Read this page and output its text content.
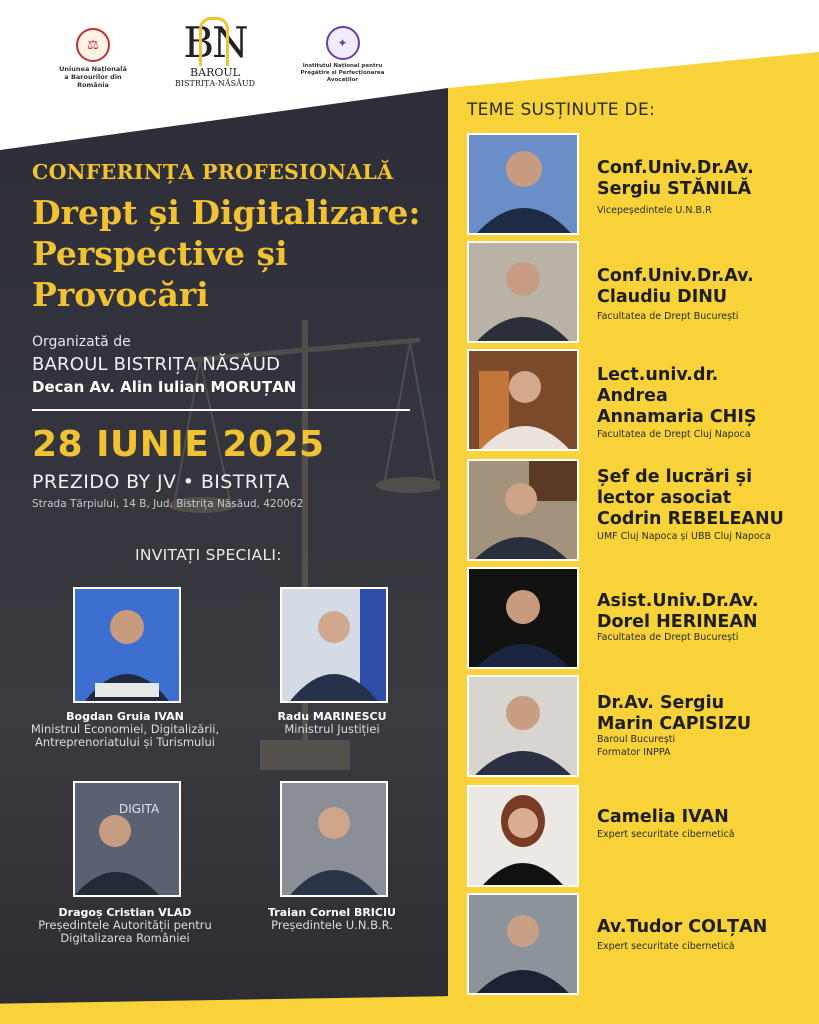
⚖
Uniunea Națională a Barourilor din România
BN
BAROUL
BISTRIȚA-NĂSĂUD
✦
Institutul Național pentru Pregătire și Perfecționarea Avocaților
CONFERINȚA PROFESIONALĂ
Drept și Digitalizare:
Perspective și
Provocări
Organizată de
BAROUL BISTRIȚA NĂSĂUD
Decan Av. Alin Iulian MORUȚAN
28 IUNIE 2025
PREZIDO BY JV • BISTRIȚA
Strada Tărpiului, 14 B, Jud. Bistrița Năsăud, 420062
INVITAȚI SPECIALI:
Bogdan Gruia IVAN
Ministrul Economiei, Digitalizării,
Antreprenoriatului și Turismului
Radu MARINESCU
Ministrul Justiției
DIGITA
Dragoș Cristian VLAD
Președintele Autorității pentru
Digitalizarea României
Traian Cornel BRICIU
Președintele U.N.B.R.
TEME SUSȚINUTE DE:
Conf.Univ.Dr.Av.
Sergiu STĂNILĂ
Vicepeședintele U.N.B.R
Conf.Univ.Dr.Av.
Claudiu DINU
Facultatea de Drept București
Lect.univ.dr.
Andrea
Annamaria CHIȘ
Facultatea de Drept Cluj Napoca
Șef de lucrări și
lector asociat
Codrin REBELEANU
UMF Cluj Napoca și UBB Cluj Napoca
Asist.Univ.Dr.Av.
Dorel HERINEAN
Facultatea de Drept București
Dr.Av. Sergiu
Marin CAPISIZU
Baroul București
Formator INPPA
Camelia IVAN
Expert securitate cibernetică
Av.Tudor COLȚAN
Expert securitate cibernetică
